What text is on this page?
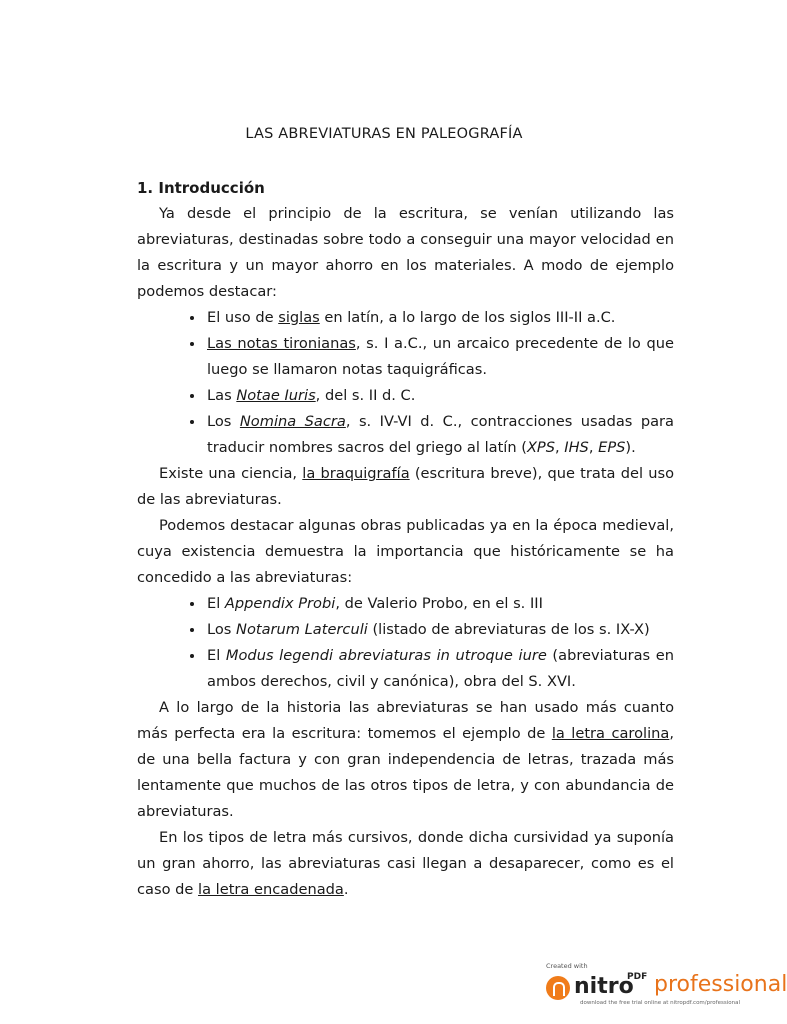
LAS ABREVIATURAS EN PALEOGRAFÍA
1. Introducción

Ya desde el principio de la escritura, se venían utilizando las abreviaturas, destinadas sobre todo a conseguir una mayor velocidad en la escritura y un mayor ahorro en los materiales. A modo de ejemplo podemos destacar:

• El uso de siglas en latín, a lo largo de los siglos III-II a.C.
• Las notas tironianas, s. I a.C., un arcaico precedente de lo que luego se llamaron notas taquigráficas.
• Las Notae Iuris, del s. II d. C.
• Los Nomina Sacra, s. IV-VI d. C., contracciones usadas para traducir nombres sacros del griego al latín (XPS, IHS, EPS).

Existe una ciencia, la braquigrafía (escritura breve), que trata del uso de las abreviaturas.

Podemos destacar algunas obras publicadas ya en la época medieval, cuya existencia demuestra la importancia que históricamente se ha concedido a las abreviaturas:

• El Appendix Probi, de Valerio Probo, en el s. III
• Los Notarum Laterculi (listado de abreviaturas de los s. IX-X)
• El Modus legendi abreviaturas in utroque iure (abreviaturas en ambos derechos, civil y canónica), obra del S. XVI.

A lo largo de la historia las abreviaturas se han usado más cuanto más perfecta era la escritura: tomemos el ejemplo de la letra carolina, de una bella factura y con gran independencia de letras, trazada más lentamente que muchos de las otros tipos de letra, y con abundancia de abreviaturas.

En los tipos de letra más cursivos, donde dicha cursividad ya suponía un gran ahorro, las abreviaturas casi llegan a desaparecer, como es el caso de la letra encadenada.

Created with
nitro
PDF professional
download the free trial online at nitropdf.com/professional
